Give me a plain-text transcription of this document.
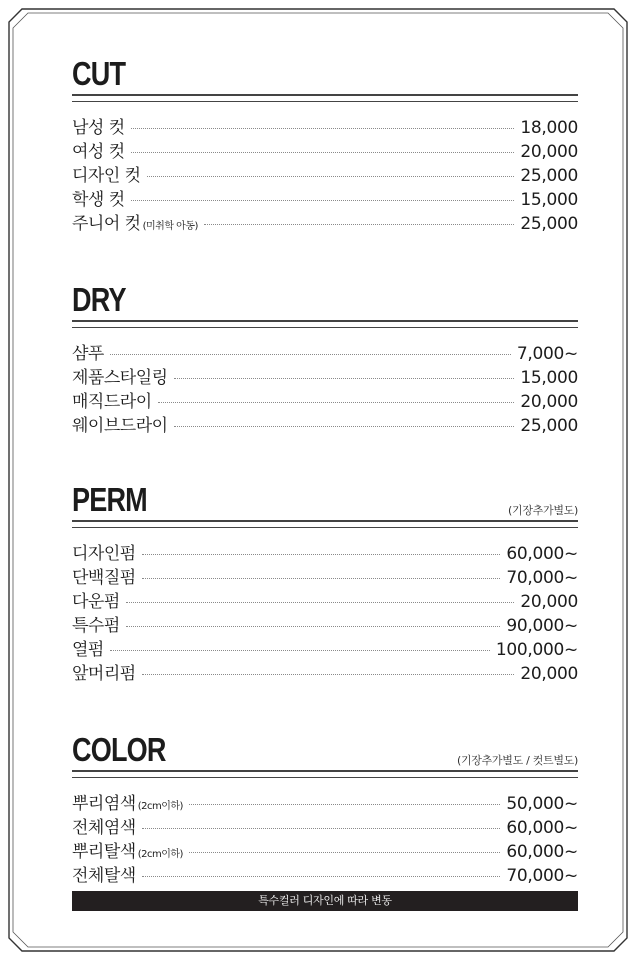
CUT
남성 컷	18,000
여성 컷	20,000
디자인 컷	25,000
학생 컷	15,000
주니어 컷 (미취학 아동)	25,000
DRY
샴푸	7,000~
제품스타일링	15,000
매직드라이	20,000
웨이브드라이	25,000
PERM	(기장추가별도)
디자인펌	60,000~
단백질펌	70,000~
다운펌	20,000
특수펌	90,000~
열펌	100,000~
앞머리펌	20,000
COLOR	(기장추가별도 / 컷트별도)
뿌리염색 (2cm이하)	50,000~
전체염색	60,000~
뿌리탈색 (2cm이하)	60,000~
전체탈색	70,000~
특수컬러 디자인에 따라 변동
